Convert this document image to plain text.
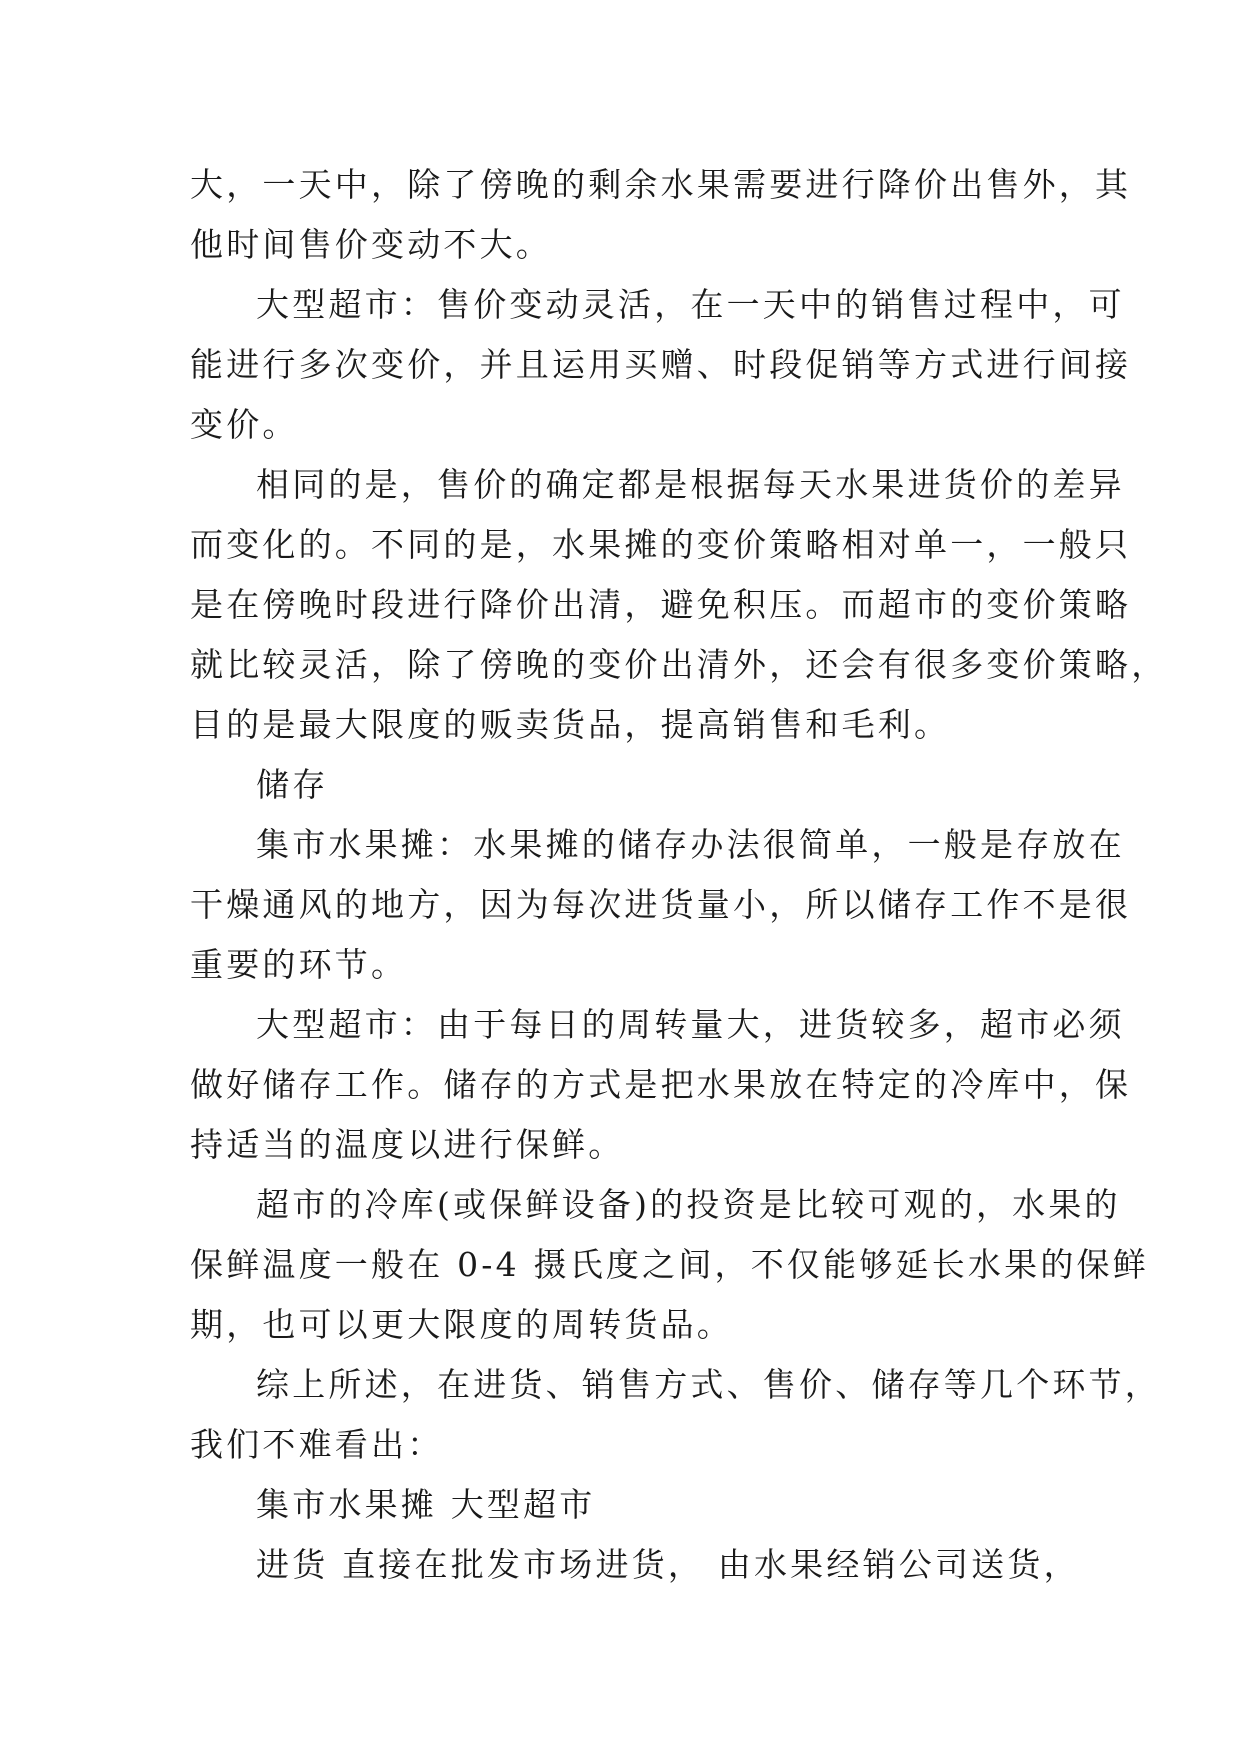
大，一天中，除了傍晚的剩余水果需要进行降价出售外，其
他时间售价变动不大。
大型超市：售价变动灵活，在一天中的销售过程中，可
能进行多次变价，并且运用买赠、时段促销等方式进行间接
变价。
相同的是，售价的确定都是根据每天水果进货价的差异
而变化的。不同的是，水果摊的变价策略相对单一，一般只
是在傍晚时段进行降价出清，避免积压。而超市的变价策略
就比较灵活，除了傍晚的变价出清外，还会有很多变价策略，
目的是最大限度的贩卖货品，提高销售和毛利。
储存
集市水果摊：水果摊的储存办法很简单，一般是存放在
干燥通风的地方，因为每次进货量小，所以储存工作不是很
重要的环节。
大型超市：由于每日的周转量大，进货较多，超市必须
做好储存工作。储存的方式是把水果放在特定的冷库中，保
持适当的温度以进行保鲜。
超市的冷库(或保鲜设备)的投资是比较可观的，水果的
保鲜温度一般在 0-4 摄氏度之间，不仅能够延长水果的保鲜
期，也可以更大限度的周转货品。
综上所述，在进货、销售方式、售价、储存等几个环节，
我们不难看出：
集市水果摊 大型超市
进货 直接在批发市场进货， 由水果经销公司送货，
